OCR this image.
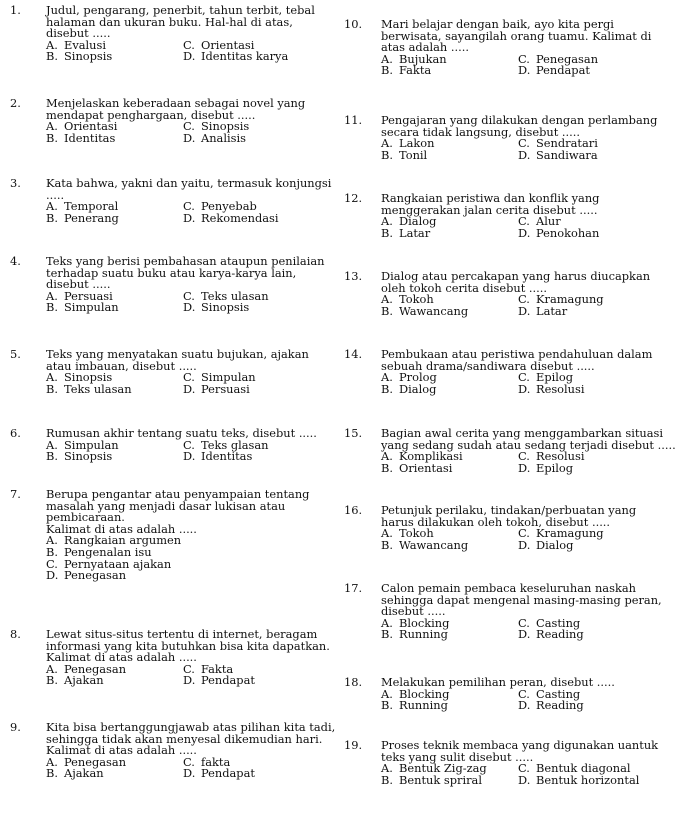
1. Judul, pengarang, penerbit, tahun terbit, tebal
halaman dan ukuran buku. Hal-hal di atas,
disebut .....
A. Evalusi
B. Sinopsis
C. Orientasi
D. Identitas karya
2. Menjelaskan keberadaan sebagai novel yang
mendapat penghargaan, disebut .....
A. Orientasi
B. Identitas
C. Sinopsis
D. Analisis
3. Kata bahwa, yakni dan yaitu, termasuk konjungsi
.....
A. Temporal
B. Penerang
C. Penyebab
D. Rekomendasi
4. Teks yang berisi pembahasan ataupun penilaian
terhadap suatu buku atau karya-karya lain,
disebut .....
A. Persuasi
B. Simpulan
C. Teks ulasan
D. Sinopsis
5. Teks yang menyatakan suatu bujukan, ajakan
atau imbauan, disebut .....
A. Sinopsis
B. Teks ulasan
C. Simpulan
D. Persuasi
6. Rumusan akhir tentang suatu teks, disebut .....
A. Simpulan
B. Sinopsis
C. Teks glasan
D. Identitas
7. Berupa pengantar atau penyampaian tentang
masalah yang menjadi dasar lukisan atau
pembicaraan.
Kalimat di atas adalah .....
A. Rangkaian argumen
B. Pengenalan isu
C. Pernyataan ajakan
D. Penegasan
8. Lewat situs-situs tertentu di internet, beragam
informasi yang kita butuhkan bisa kita dapatkan.
Kalimat di atas adalah .....
A. Penegasan
B. Ajakan
C. Fakta
D. Pendapat
9. Kita bisa bertanggungjawab atas pilihan kita tadi,
sehingga tidak akan menyesal dikemudian hari.
Kalimat di atas adalah .....
A. Penegasan
B. Ajakan
C. fakta
D. Pendapat
10. Mari belajar dengan baik, ayo kita pergi
berwisata, sayangilah orang tuamu. Kalimat di
atas adalah .....
A. Bujukan
B. Fakta
C. Penegasan
D. Pendapat
11. Pengajaran yang dilakukan dengan perlambang
secara tidak langsung, disebut .....
A. Lakon
B. Tonil
C. Sendratari
D. Sandiwara
12. Rangkaian peristiwa dan konflik yang
menggerakan jalan cerita disebut .....
A. Dialog
B. Latar
C. Alur
D. Penokohan
13. Dialog atau percakapan yang harus diucapkan
oleh tokoh cerita disebut .....
A. Tokoh
B. Wawancang
C. Kramagung
D. Latar
14. Pembukaan atau peristiwa pendahuluan dalam
sebuah drama/sandiwara disebut .....
A. Prolog
B. Dialog
C. Epilog
D. Resolusi
15. Bagian awal cerita yang menggambarkan situasi
yang sedang sudah atau sedang terjadi disebut .....
A. Komplikasi
B. Orientasi
C. Resolusi
D. Epilog
16. Petunjuk perilaku, tindakan/perbuatan yang
harus dilakukan oleh tokoh, disebut .....
A. Tokoh
B. Wawancang
C. Kramagung
D. Dialog
17. Calon pemain pembaca keseluruhan naskah
sehingga dapat mengenal masing-masing peran,
disebut .....
A. Blocking
B. Running
C. Casting
D. Reading
18. Melakukan pemilihan peran, disebut .....
A. Blocking
B. Running
C. Casting
D. Reading
19. Proses teknik membaca yang digunakan uantuk
teks yang sulit disebut .....
A. Bentuk Zig-zag
B. Bentuk spriral
C. Bentuk diagonal
D. Bentuk horizontal
